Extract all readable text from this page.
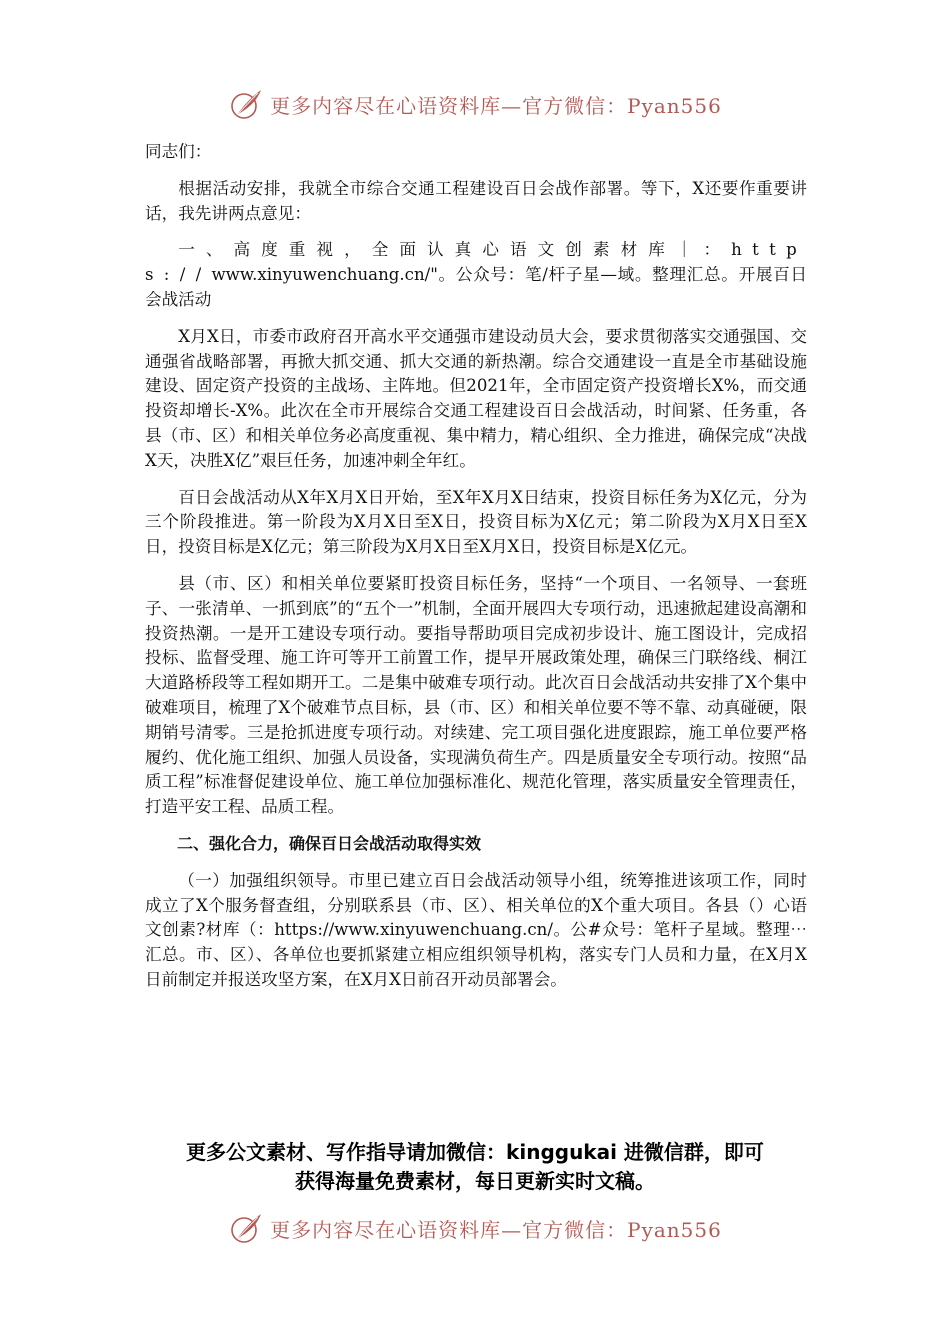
更多内容尽在心语资料库—官方微信：Pyan556

同志们：

根据活动安排，我就全市综合交通工程建设百日会战作部署。等下，X还要作重要讲话，我先讲两点意见：

一、高度重视，全面认真心语文创素材库｜：https://www.xinyuwenchuang.cn/"。公众号：笔/杆子星—域。整理汇总。开展百日会战活动

X月X日，市委市政府召开高水平交通强市建设动员大会，要求贯彻落实交通强国、交通强省战略部署，再掀大抓交通、抓大交通的新热潮。综合交通建设一直是全市基础设施建设、固定资产投资的主战场、主阵地。但2021年，全市固定资产投资增长X%，而交通投资却增长-X%。此次在全市开展综合交通工程建设百日会战活动，时间紧、任务重，各县（市、区）和相关单位务必高度重视、集中精力，精心组织、全力推进，确保完成“决战X天，决胜X亿”艰巨任务，加速冲刺全年红。

百日会战活动从X年X月X日开始，至X年X月X日结束，投资目标任务为X亿元，分为三个阶段推进。第一阶段为X月X日至X日，投资目标为X亿元；第二阶段为X月X日至X日，投资目标是X亿元；第三阶段为X月X日至X月X日，投资目标是X亿元。

县（市、区）和相关单位要紧盯投资目标任务，坚持“一个项目、一名领导、一套班子、一张清单、一抓到底”的“五个一”机制，全面开展四大专项行动，迅速掀起建设高潮和投资热潮。一是开工建设专项行动。要指导帮助项目完成初步设计、施工图设计，完成招投标、监督受理、施工许可等开工前置工作，提早开展政策处理，确保三门联络线、桐江大道路桥段等工程如期开工。二是集中破难专项行动。此次百日会战活动共安排了X个集中破难项目，梳理了X个破难节点目标，县（市、区）和相关单位要不等不靠、动真碰硬，限期销号清零。三是抢抓进度专项行动。对续建、完工项目强化进度跟踪，施工单位要严格履约、优化施工组织、加强人员设备，实现满负荷生产。四是质量安全专项行动。按照“品质工程”标准督促建设单位、施工单位加强标准化、规范化管理，落实质量安全管理责任，打造平安工程、品质工程。

二、强化合力，确保百日会战活动取得实效

（一）加强组织领导。市里已建立百日会战活动领导小组，统筹推进该项工作，同时成立了X个服务督查组，分别联系县（市、区）、相关单位的X个重大项目。各县（）心语文创素?材库（：https://www.xinyuwenchuang.cn/。公#众号：笔杆子星域。整理⋯汇总。市、区）、各单位也要抓紧建立相应组织领导机构，落实专门人员和力量，在X月X日前制定并报送攻坚方案，在X月X日前召开动员部署会。

更多公文素材、写作指导请加微信：kinggukai 进微信群，即可

获得海量免费素材，每日更新实时文稿。

更多内容尽在心语资料库—官方微信：Pyan556
